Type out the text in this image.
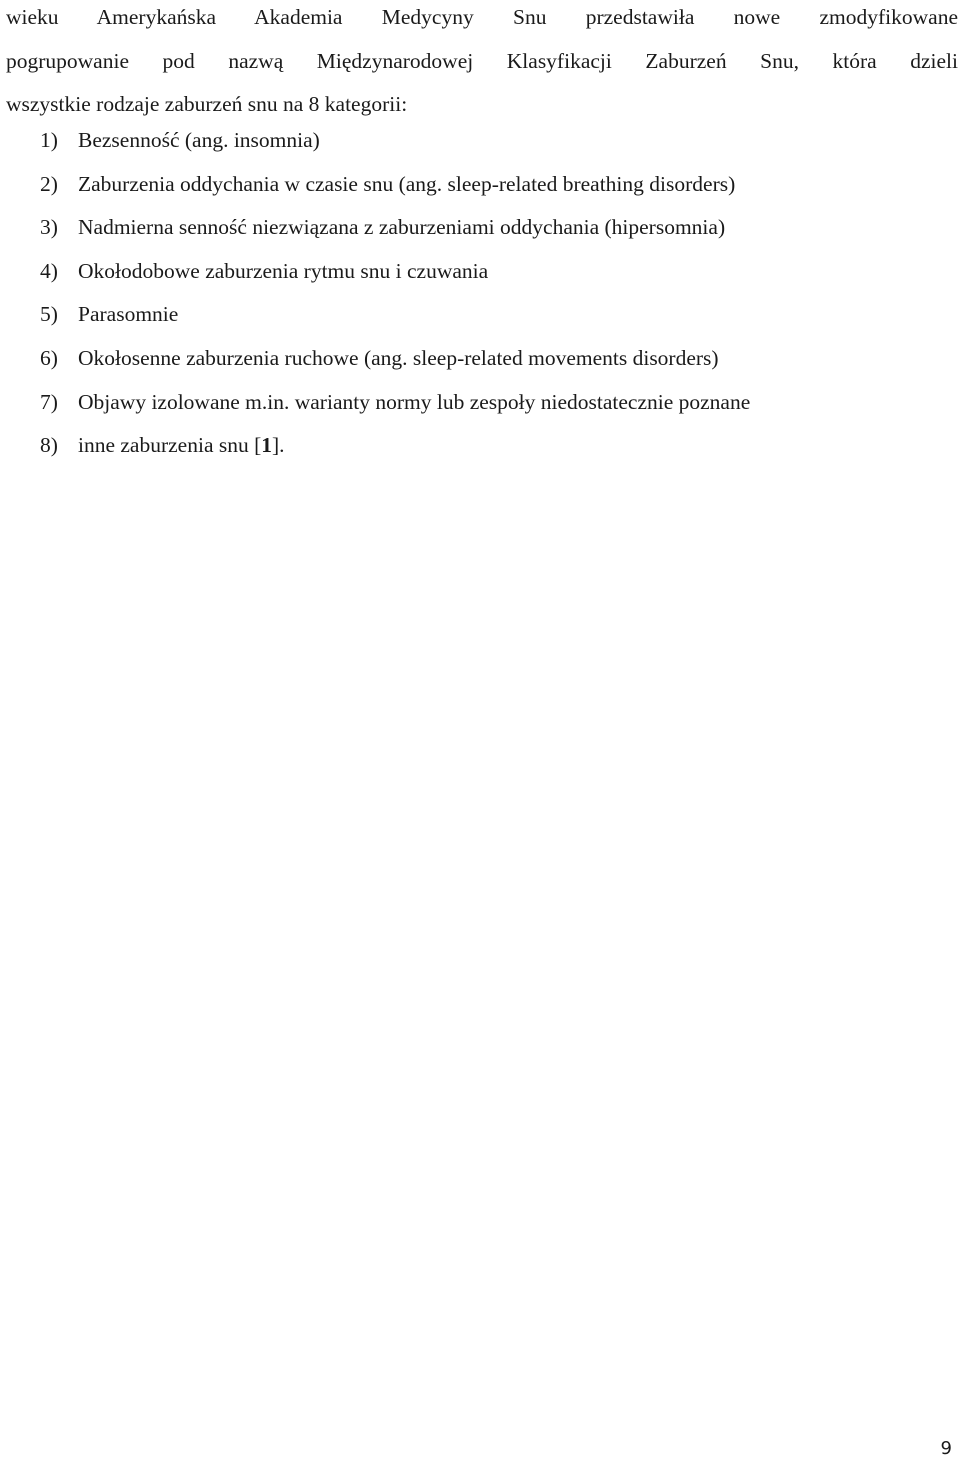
wieku Amerykańska Akademia Medycyny Snu przedstawiła nowe zmodyfikowane
pogrupowanie pod nazwą Międzynarodowej Klasyfikacji Zaburzeń Snu, która dzieli
wszystkie rodzaje zaburzeń snu na 8 kategorii:

1) Bezsenność (ang. insomnia)
2) Zaburzenia oddychania w czasie snu (ang. sleep-related breathing disorders)
3) Nadmierna senność niezwiązana z zaburzeniami oddychania (hipersomnia)
4) Okołodobowe zaburzenia rytmu snu i czuwania
5) Parasomnie
6) Okołosenne zaburzenia ruchowe (ang. sleep-related movements disorders)
7) Objawy izolowane m.in. warianty normy lub zespoły niedostatecznie poznane
8) inne zaburzenia snu [1].
9
